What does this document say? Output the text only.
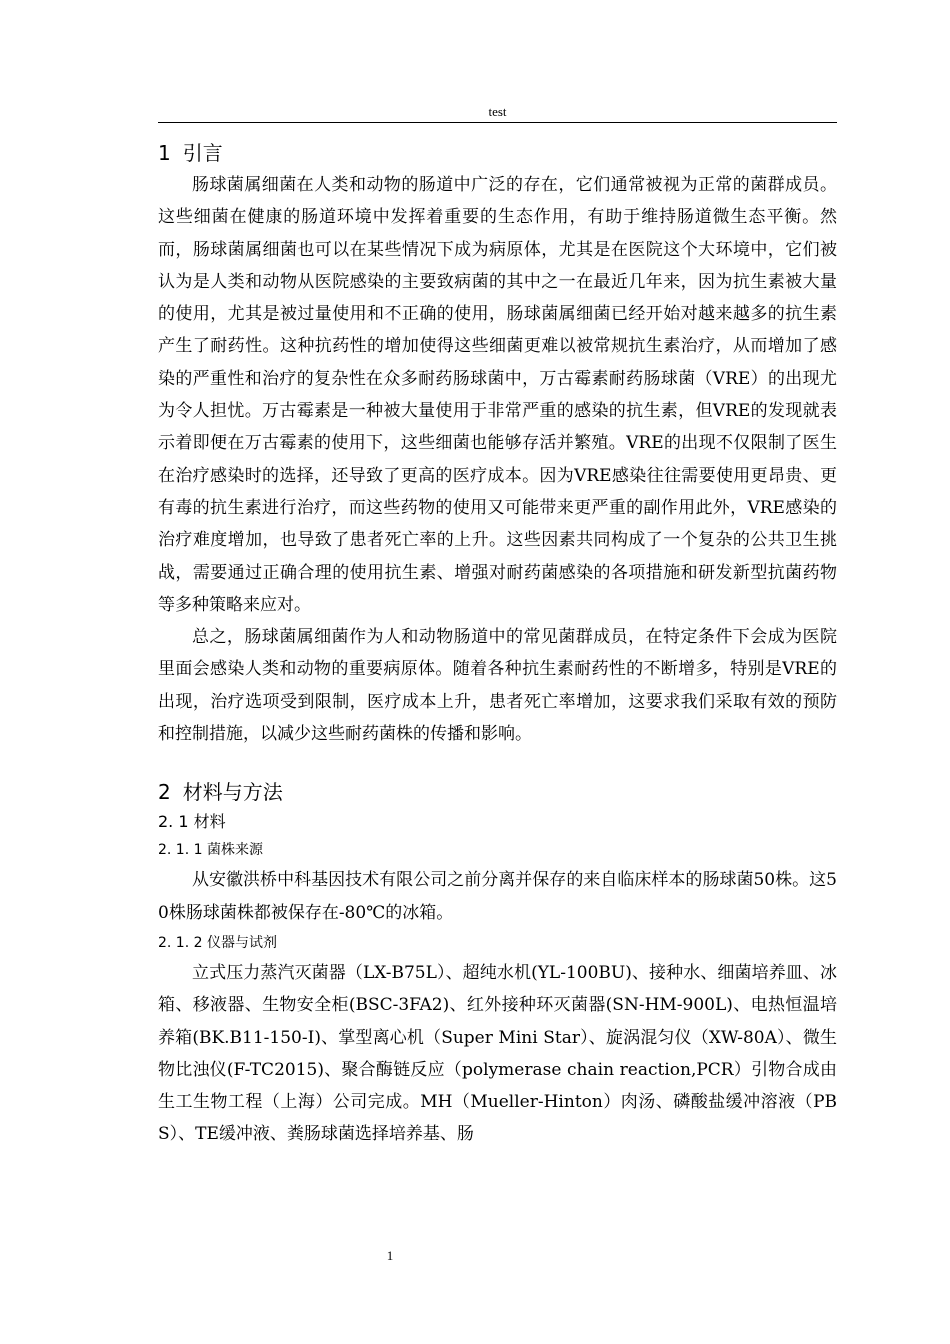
test
1 引言

肠球菌属细菌在人类和动物的肠道中广泛的存在，它们通常被视为正常的菌群成员。这些细菌在健康的肠道环境中发挥着重要的生态作用，有助于维持肠道微生态平衡。然而，肠球菌属细菌也可以在某些情况下成为病原体，尤其是在医院这个大环境中，它们被认为是人类和动物从医院感染的主要致病菌的其中之一在最近几年来，因为抗生素被大量的使用，尤其是被过量使用和不正确的使用，肠球菌属细菌已经开始对越来越多的抗生素产生了耐药性。这种抗药性的增加使得这些细菌更难以被常规抗生素治疗，从而增加了感染的严重性和治疗的复杂性在众多耐药肠球菌中，万古霉素耐药肠球菌（VRE）的出现尤为令人担忧。万古霉素是一种被大量使用于非常严重的感染的抗生素，但VRE的发现就表示着即便在万古霉素的使用下，这些细菌也能够存活并繁殖。VRE的出现不仅限制了医生在治疗感染时的选择，还导致了更高的医疗成本。因为VRE感染往往需要使用更昂贵、更有毒的抗生素进行治疗，而这些药物的使用又可能带来更严重的副作用此外，VRE感染的治疗难度增加，也导致了患者死亡率的上升。这些因素共同构成了一个复杂的公共卫生挑战，需要通过正确合理的使用抗生素、增强对耐药菌感染的各项措施和研发新型抗菌药物等多种策略来应对。

总之，肠球菌属细菌作为人和动物肠道中的常见菌群成员，在特定条件下会成为医院里面会感染人类和动物的重要病原体。随着各种抗生素耐药性的不断增多，特别是VRE的出现，治疗选项受到限制，医疗成本上升，患者死亡率增加，这要求我们采取有效的预防和控制措施，以减少这些耐药菌株的传播和影响。

2 材料与方法
2. 1 材料
2. 1. 1 菌株来源

从安徽洪桥中科基因技术有限公司之前分离并保存的来自临床样本的肠球菌50株。这50株肠球菌株都被保存在-80℃的冰箱。

2. 1. 2 仪器与试剂

立式压力蒸汽灭菌器（LX-B75L）、超纯水机(YL-100BU)、接种水、细菌培养皿、冰箱、移液器、生物安全柜(BSC-3FA2)、红外接种环灭菌器(SN-HM-900L)、电热恒温培养箱(BK.B11-150-I)、掌型离心机（Super Mini Star）、旋涡混匀仪（XW-80A）、微生物比浊仪(F-TC2015)、聚合酶链反应（polymerase chain reaction,PCR）引物合成由生工生物工程（上海）公司完成。MH（Mueller-Hinton）肉汤、磷酸盐缓冲溶液（PBS）、TE缓冲液、粪肠球菌选择培养基、肠

1
